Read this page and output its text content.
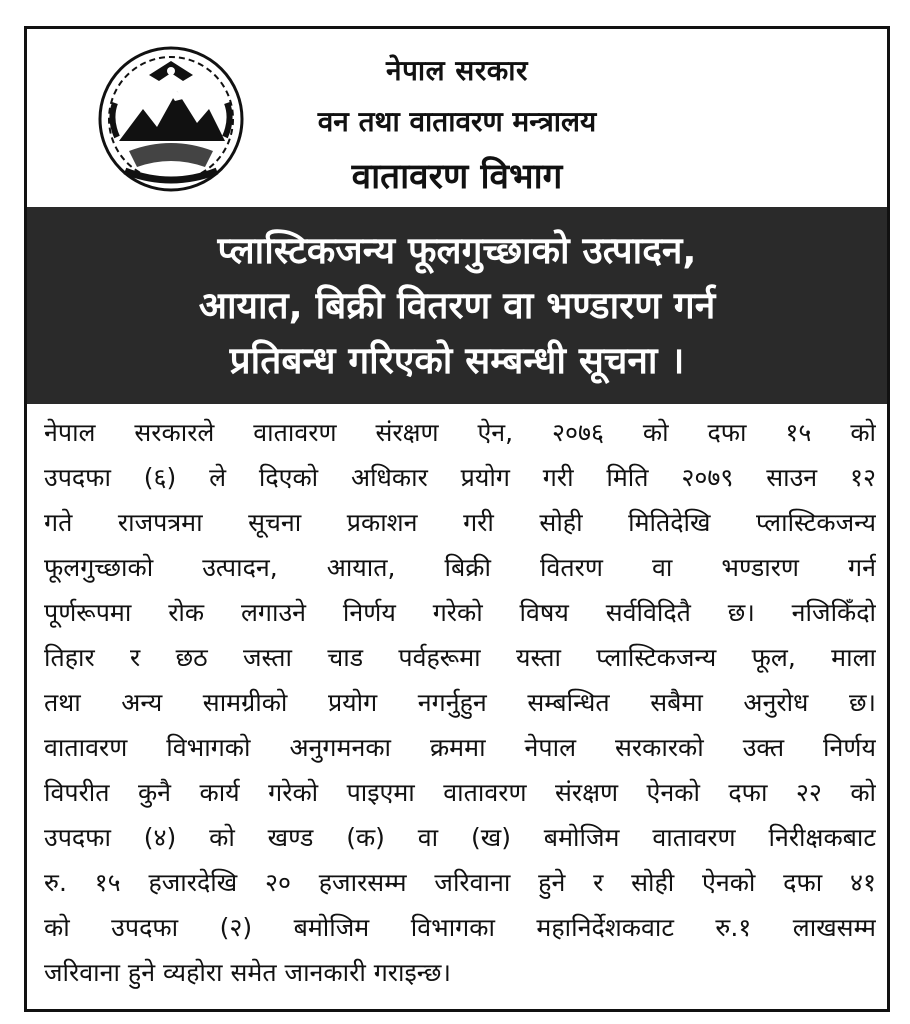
नेपाल सरकार
वन तथा वातावरण मन्त्रालय
वातावरण विभाग
प्लास्टिकजन्य फूलगुच्छाको उत्पादन,
आयात, बिक्री वितरण वा भण्डारण गर्न
प्रतिबन्ध गरिएको सम्बन्धी सूचना ।
नेपाल सरकारले वातावरण संरक्षण ऐन, २०७६ को दफा १५ को
उपदफा (६) ले दिएको अधिकार प्रयोग गरी मिति २०७९ साउन १२
गते राजपत्रमा सूचना प्रकाशन गरी सोही मितिदेखि प्लास्टिकजन्य
फूलगुच्छाको उत्पादन, आयात, बिक्री वितरण वा भण्डारण गर्न
पूर्णरूपमा रोक लगाउने निर्णय गरेको विषय सर्वविदितै छ। नजिकिँदो
तिहार र छठ जस्ता चाड पर्वहरूमा यस्ता प्लास्टिकजन्य फूल, माला
तथा अन्य सामग्रीको प्रयोग नगर्नुहुन सम्बन्धित सबैमा अनुरोध छ।
वातावरण विभागको अनुगमनका क्रममा नेपाल सरकारको उक्त निर्णय
विपरीत कुनै कार्य गरेको पाइएमा वातावरण संरक्षण ऐनको दफा २२ को
उपदफा (४) को खण्ड (क) वा (ख) बमोजिम वातावरण निरीक्षकबाट
रु. १५ हजारदेखि २० हजारसम्म जरिवाना हुने र सोही ऐनको दफा ४१
को उपदफा (२) बमोजिम विभागका महानिर्देशकवाट रु.१ लाखसम्म
जरिवाना हुने व्यहोरा समेत जानकारी गराइन्छ।
